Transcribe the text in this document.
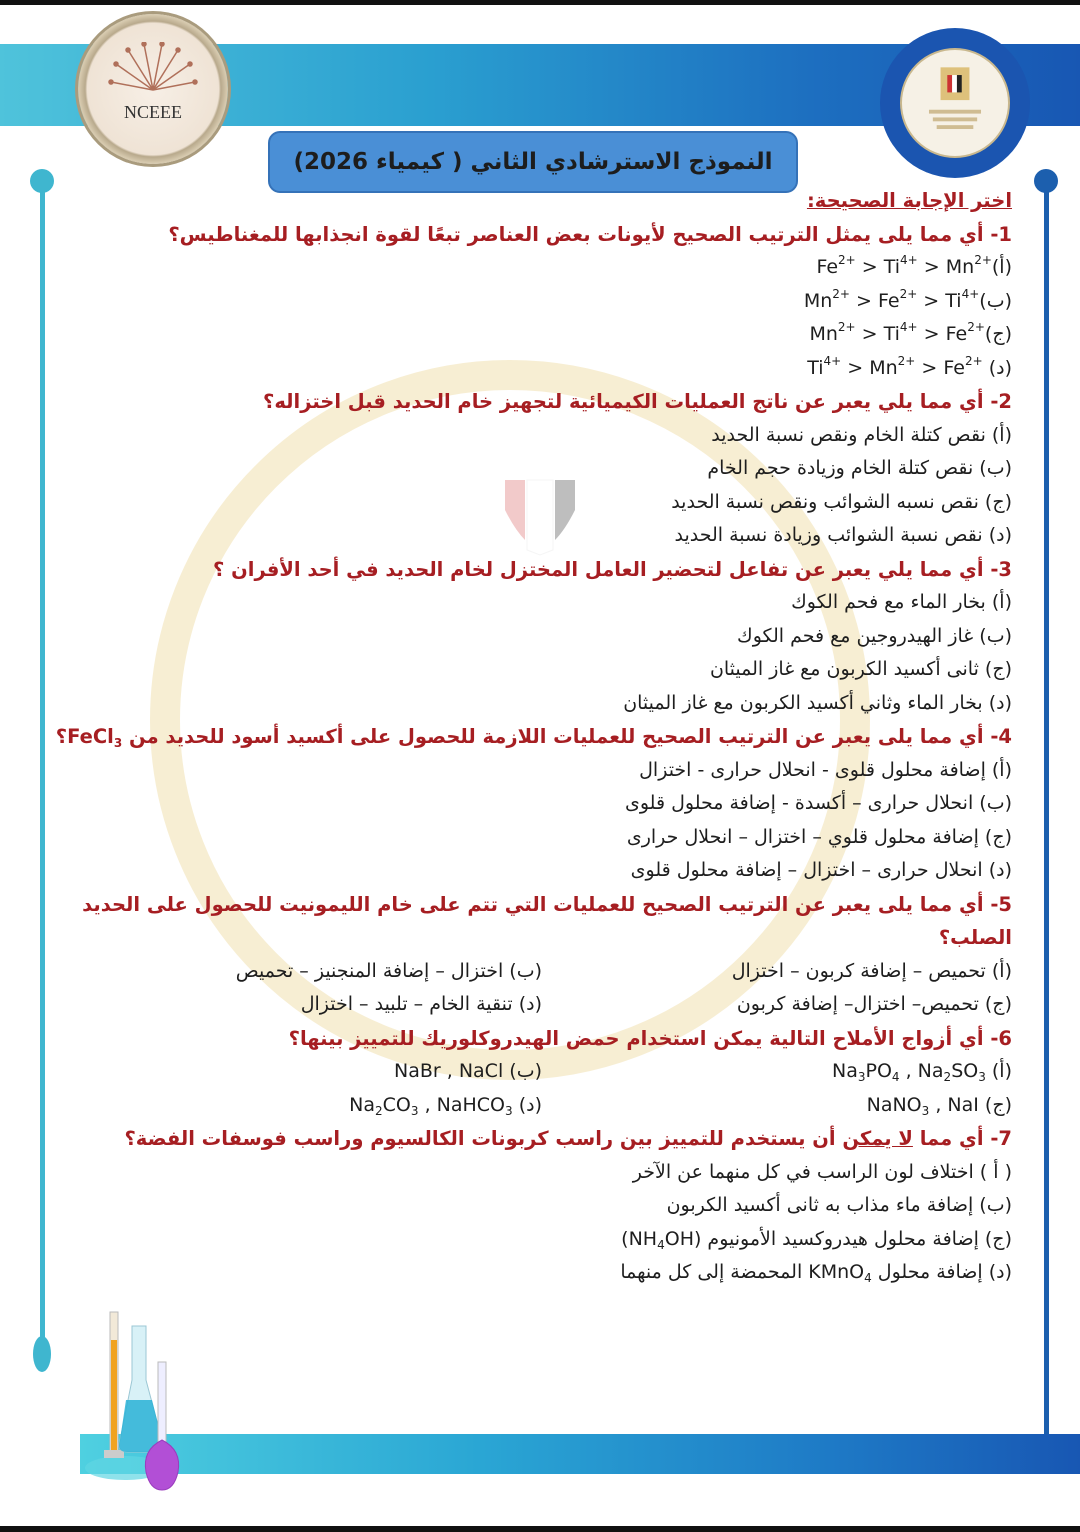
NCEEE
النموذج الاسترشادي الثاني ( كيمياء 2026)
اختر الإجابة الصحيحة:
1- أي مما يلى يمثل الترتيب الصحيح لأيونات بعض العناصر تبعًا لقوة انجذابها للمغناطيس؟
$(أ)Fe^{2+} > Ti^{4+} > Mn^{2+}$
$(ب)Mn^{2+} > Fe^{2+} > Ti^{4+}$
$(ج)Mn^{2+} > Ti^{4+} > Fe^{2+}$
(د) $Ti^{4+} > Mn^{2+} > Fe^{2+}$
2- أي مما يلي يعبر عن ناتج العمليات الكيميائية لتجهيز خام الحديد قبل اختزاله؟
(أ) نقص كتلة الخام ونقص نسبة الحديد
(ب) نقص كتلة الخام وزيادة حجم الخام
(ج) نقص نسبه الشوائب ونقص نسبة الحديد
(د) نقص نسبة الشوائب وزيادة نسبة الحديد
3- أي مما يلي يعبر عن تفاعل لتحضير العامل المختزل لخام الحديد في أحد الأفران ؟
(أ) بخار الماء مع فحم الكوك
(ب) غاز الهيدروجين مع فحم الكوك
(ج) ثانى أكسيد الكربون مع غاز الميثان
(د) بخار الماء وثاني أكسيد الكربون مع غاز الميثان
4- أي مما يلى يعبر عن الترتيب الصحيح للعمليات اللازمة للحصول على أكسيد أسود للحديد من FeCl$_3$؟
(أ) إضافة محلول قلوى - انحلال حرارى - اختزال
(ب) انحلال حرارى – أكسدة - إضافة محلول قلوى
(ج) إضافة محلول قلوي – اختزال – انحلال حرارى
(د) انحلال حرارى – اختزال – إضافة محلول قلوى
5- أي مما يلى يعبر عن الترتيب الصحيح للعمليات التي تتم على خام الليمونيت للحصول على الحديد
الصلب؟
(أ) تحميص – إضافة كربون – اختزال
(ب) اختزال – إضافة المنجنيز – تحميص
(ج) تحميص– اختزال– إضافة كربون
(د) تنقية الخام – تلبيد – اختزال
6- أي أزواج الأملاح التالية يمكن استخدام حمض الهيدروكلوريك للتمييز بينها؟
(أ) $Na_3PO_4$ , $Na_2SO_3$
(ب) NaBr , NaCl
(ج) NaNO$_3$ , NaI
(د) $Na_2CO_3$ , NaHCO$_3$
7- أي مما لا يمكن أن يستخدم للتمييز بين راسب كربونات الكالسيوم وراسب فوسفات الفضة؟
( أ ) اختلاف لون الراسب في كل منهما عن الآخر
(ب) إضافة ماء مذاب به ثانى أكسيد الكربون
(ج) إضافة محلول هيدروكسيد الأمونيوم $(NH_4OH)$
(د) إضافة محلول KMnO$_4$ المحمضة إلى كل منهما
